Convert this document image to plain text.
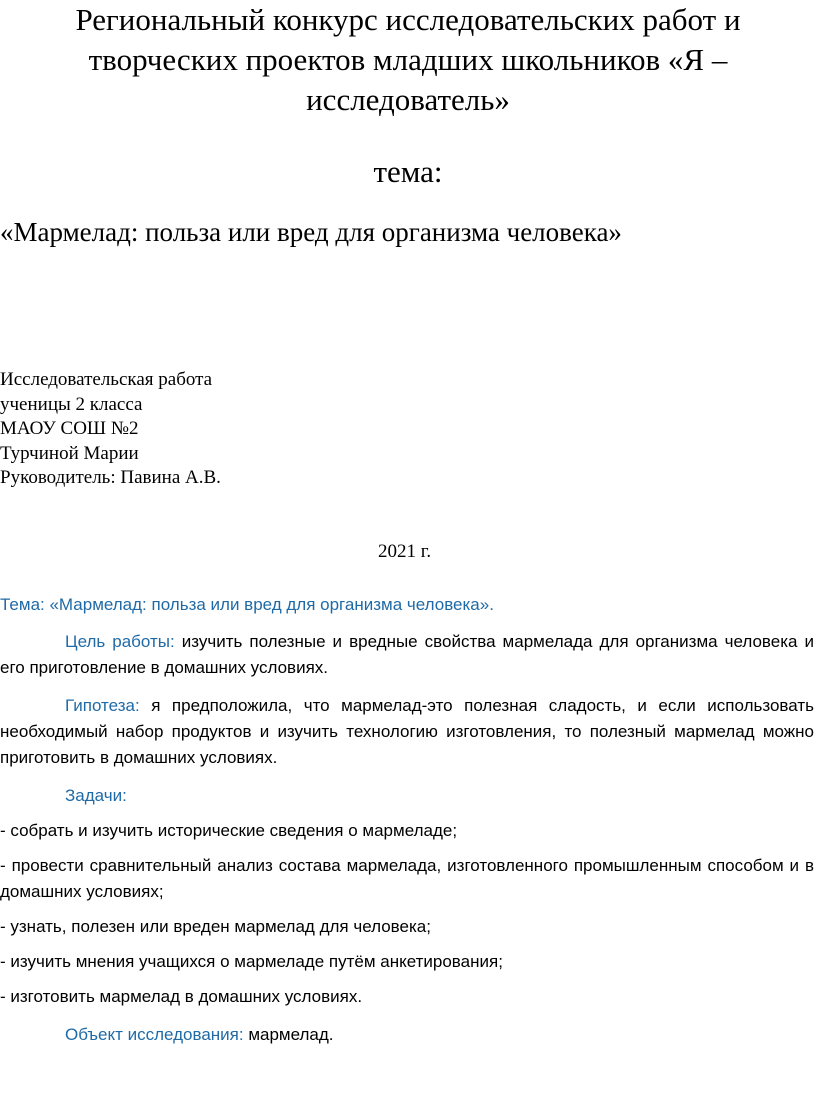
Региональный конкурс исследовательских работ и
творческих проектов младших школьников «Я –
исследователь»
тема:
«Мармелад: польза или вред для организма человека»
Исследовательская работа
ученицы 2 класса
МАОУ СОШ №2
Турчиной Марии
Руководитель: Павина А.В.
2021 г.

Тема: «Мармелад: польза или вред для организма человека».

Цель работы: изучить полезные и вредные свойства мармелада для организма человека и его приготовление в домашних условиях.

Гипотеза: я предположила, что мармелад-это полезная сладость, и если использовать необходимый набор продуктов и изучить технологию изготовления, то полезный мармелад можно приготовить в домашних условиях.

Задачи:

- собрать и изучить исторические сведения о мармеладе;

- провести сравнительный анализ состава мармелада, изготовленного промышленным способом и в домашних условиях;

- узнать, полезен или вреден мармелад для человека;

- изучить мнения учащихся о мармеладе путём анкетирования;

- изготовить мармелад в домашних условиях.

Объект исследования: мармелад.
